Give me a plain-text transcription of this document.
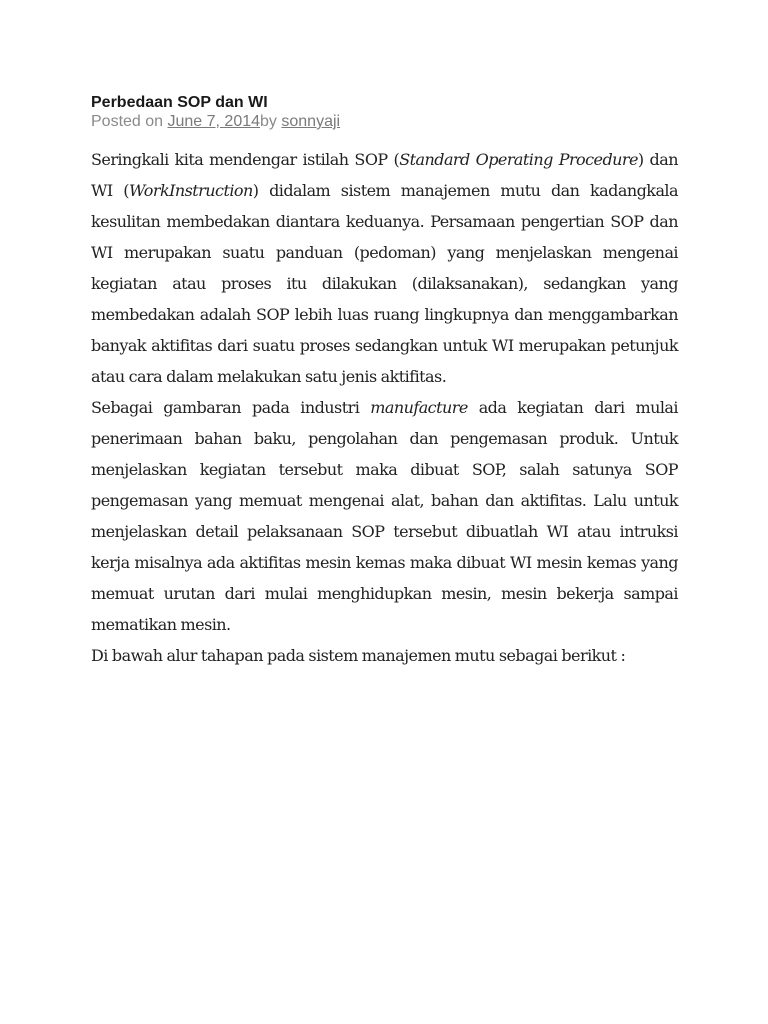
Perbedaan SOP dan WI

Posted on June 7, 2014by sonnyaji

Seringkali kita mendengar istilah SOP (Standard Operating Procedure) dan WI (WorkInstruction) didalam sistem manajemen mutu dan kadangkala kesulitan membedakan diantara keduanya. Persamaan pengertian SOP dan WI merupakan suatu panduan (pedoman) yang menjelaskan mengenai kegiatan atau proses itu dilakukan (dilaksanakan), sedangkan yang membedakan adalah SOP lebih luas ruang lingkupnya dan menggambarkan banyak aktifitas dari suatu proses sedangkan untuk WI merupakan petunjuk atau cara dalam melakukan satu jenis aktifitas.

Sebagai gambaran pada industri manufacture ada kegiatan dari mulai penerimaan bahan baku, pengolahan dan pengemasan produk. Untuk menjelaskan kegiatan tersebut maka dibuat SOP, salah satunya SOP pengemasan yang memuat mengenai alat, bahan dan aktifitas. Lalu untuk menjelaskan detail pelaksanaan SOP tersebut dibuatlah WI atau intruksi kerja misalnya ada aktifitas mesin kemas maka dibuat WI mesin kemas yang memuat urutan dari mulai menghidupkan mesin, mesin bekerja sampai mematikan mesin.

Di bawah alur tahapan pada sistem manajemen mutu sebagai berikut :
